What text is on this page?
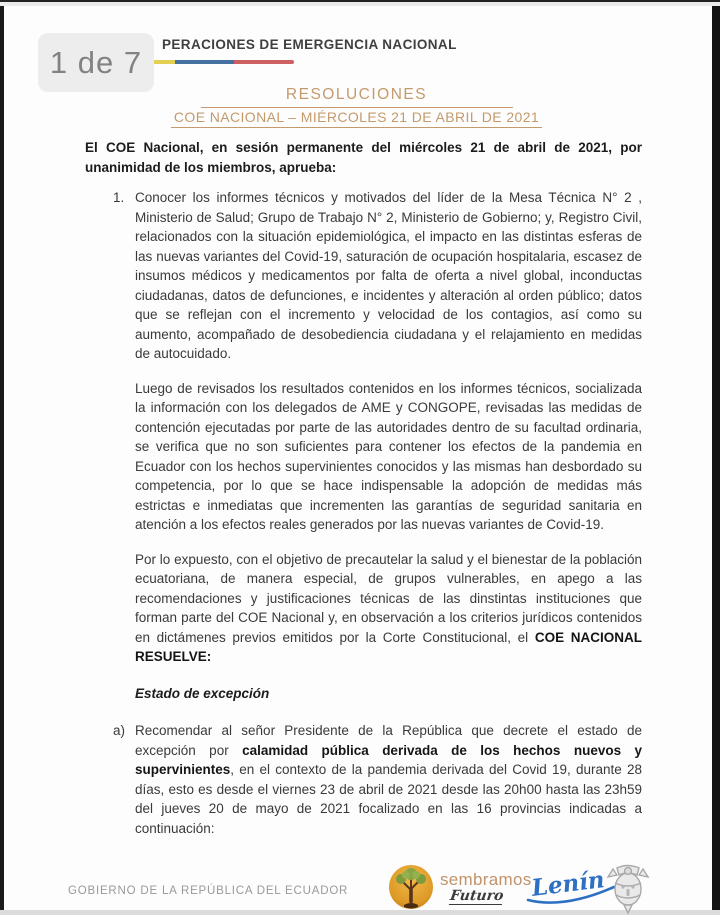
1 de 7 PERACIONES DE EMERGENCIA NACIONAL
RESOLUCIONES
COE NACIONAL – MIÉRCOLES 21 DE ABRIL DE 2021

El COE Nacional, en sesión permanente del miércoles 21 de abril de 2021, por unanimidad de los miembros, aprueba:

1. Conocer los informes técnicos y motivados del líder de la Mesa Técnica N° 2 , Ministerio de Salud; Grupo de Trabajo N° 2, Ministerio de Gobierno; y, Registro Civil, relacionados con la situación epidemiológica, el impacto en las distintas esferas de las nuevas variantes del Covid-19, saturación de ocupación hospitalaria, escasez de insumos médicos y medicamentos por falta de oferta a nivel global, inconductas ciudadanas, datos de defunciones, e incidentes y alteración al orden público; datos que se reflejan con el incremento y velocidad de los contagios, así como su aumento, acompañado de desobediencia ciudadana y el relajamiento en medidas de autocuidado.

Luego de revisados los resultados contenidos en los informes técnicos, socializada la información con los delegados de AME y CONGOPE, revisadas las medidas de contención ejecutadas por parte de las autoridades dentro de su facultad ordinaria, se verifica que no son suficientes para contener los efectos de la pandemia en Ecuador con los hechos supervinientes conocidos y las mismas han desbordado su competencia, por lo que se hace indispensable la adopción de medidas más estrictas e inmediatas que incrementen las garantías de seguridad sanitaria en atención a los efectos reales generados por las nuevas variantes de Covid-19.

Por lo expuesto, con el objetivo de precautelar la salud y el bienestar de la población ecuatoriana, de manera especial, de grupos vulnerables, en apego a las recomendaciones y justificaciones técnicas de las dinstintas instituciones que forman parte del COE Nacional y, en observación a los criterios jurídicos contenidos en dictámenes previos emitidos por la Corte Constitucional, el COE NACIONAL RESUELVE:

Estado de excepción
a) Recomendar al señor Presidente de la República que decrete el estado de excepción por calamidad pública derivada de los hechos nuevos y supervinientes, en el contexto de la pandemia derivada del Covid 19, durante 28 días, esto es desde el viernes 23 de abril de 2021 desde las 20h00 hasta las 23h59 del jueves 20 de mayo de 2021 focalizado en las 16 provincias indicadas a continuación:

GOBIERNO DE LA REPÚBLICA DEL ECUADOR
sembramos
Futuro	Lenín
